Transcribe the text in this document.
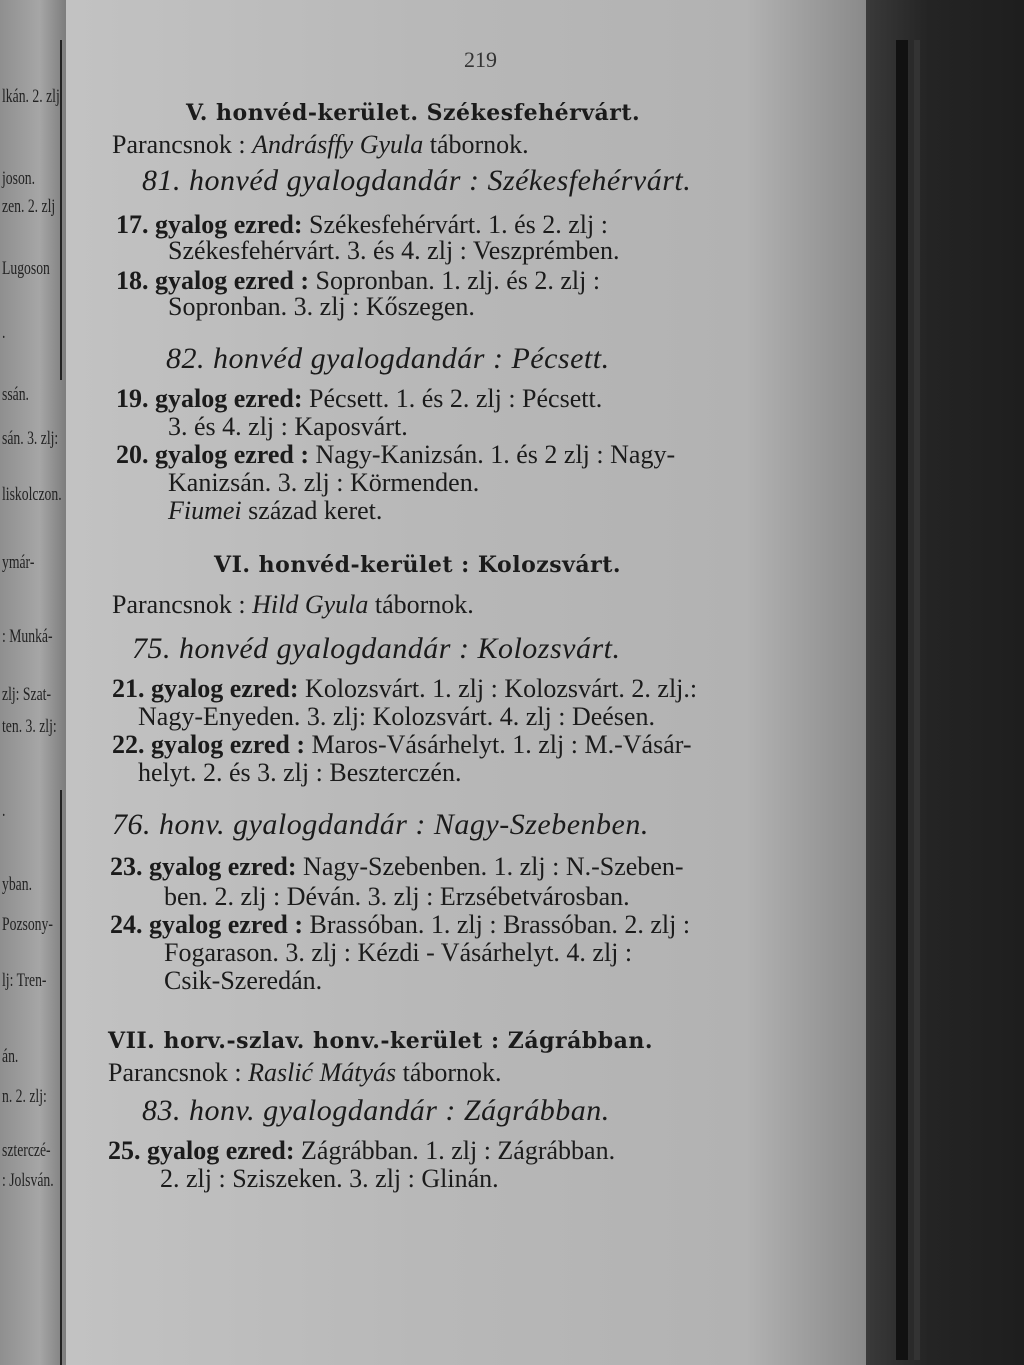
lkán. 2. zlj
joson.
zen. 2. zlj
Lugoson
.
ssán.
sán. 3. zlj:
liskolczon.
ymár-
: Munká-
zlj: Szat-
ten. 3. zlj:
.
yban.
Pozsony-
lj: Tren-
án.
n. 2. zlj:
szterczé-
: Jolsván.
219
V. honvéd-kerület. Székesfehérvárt.
Parancsnok : Andrásffy Gyula tábornok.
81. honvéd gyalogdandár : Székesfehérvárt.
17. gyalog ezred: Székesfehérvárt. 1. és 2. zlj :
Székesfehérvárt. 3. és 4. zlj : Veszprémben.
18. gyalog ezred : Sopronban. 1. zlj. és 2. zlj :
Sopronban. 3. zlj : Kőszegen.
82. honvéd gyalogdandár : Pécsett.
19. gyalog ezred: Pécsett. 1. és 2. zlj : Pécsett.
3. és 4. zlj : Kaposvárt.
20. gyalog ezred : Nagy-Kanizsán. 1. és 2 zlj : Nagy-
Kanizsán. 3. zlj : Körmenden.
Fiumei század keret.
VI. honvéd-kerület : Kolozsvárt.
Parancsnok : Hild Gyula tábornok.
75. honvéd gyalogdandár : Kolozsvárt.
21. gyalog ezred: Kolozsvárt. 1. zlj : Kolozsvárt. 2. zlj.:
Nagy-Enyeden. 3. zlj: Kolozsvárt. 4. zlj : Deésen.
22. gyalog ezred : Maros-Vásárhelyt. 1. zlj : M.-Vásár-
helyt. 2. és 3. zlj : Beszterczén.
76. honv. gyalogdandár : Nagy-Szebenben.
23. gyalog ezred: Nagy-Szebenben. 1. zlj : N.-Szeben-
ben. 2. zlj : Déván. 3. zlj : Erzsébetvárosban.
24. gyalog ezred : Brassóban. 1. zlj : Brassóban. 2. zlj :
Fogarason. 3. zlj : Kézdi - Vásárhelyt. 4. zlj :
Csik-Szeredán.
VII. horv.-szlav. honv.-kerület : Zágrábban.
Parancsnok : Raslić Mátyás tábornok.
83. honv. gyalogdandár : Zágrábban.
25. gyalog ezred: Zágrábban. 1. zlj : Zágrábban.
2. zlj : Sziszeken. 3. zlj : Glinán.
